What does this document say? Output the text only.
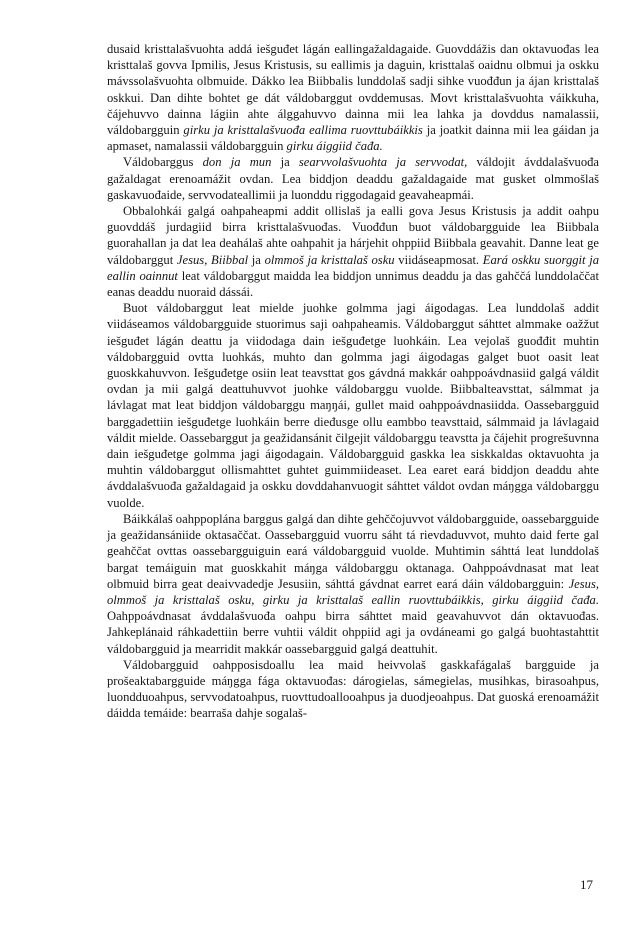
dusaid kristtalašvuohta addá iešguđet lágán eallingažaldagaide. Guovddážis dan oktavuođas lea kristtalaš govva Ipmilis, Jesus Kristusis, su eallimis ja daguin, kristtalaš oaidnu olbmui ja oskku mávssolašvuohta olbmuide. Dákko lea Biibbalis lunddolaš sadji sihke vuođđun ja ájan kristtalaš oskkui. Dan dihte bohtet ge dát váldobarggut ovddemusas. Movt kristtalašvuohta váikkuha, čájehuvvo dainna lágiin ahte álggahuvvo dainna mii lea lahka ja dovddus namalassii, váldobargguin girku ja kristtalašvuođa eallima ruovttubáikkis ja joatkit dainna mii lea gáidan ja apmaset, namalassii váldobargguin girku áiggiid čađa.

Váldobarggus don ja mun ja searvvolašvuohta ja servvodat, váldojit ávddalašvuođa gažaldagat erenoamážit ovdan. Lea biddjon deaddu gažaldagaide mat gusket olmmošlaš gaskavuođaide, servvodateallimii ja luonddu riggodagaid geavaheapmái.

Obbalohkái galgá oahpaheapmi addit ollislaš ja ealli gova Jesus Kristusis ja addit oahpu guovddáš jurdagiid birra kristtalašvuođas. Vuođđun buot váldobargguide lea Biibbala guorahallan ja dat lea deahálaš ahte oahpahit ja hárjehit ohppiid Biibbala geavahit. Danne leat ge váldobarggut Jesus, Biibbal ja olmmoš ja kristtalaš osku viidáseapmosat. Eará oskku suorggit ja eallin oainnut leat váldobarggut maidda lea biddjon unnimus deaddu ja das gahččá lunddolaččat eanas deaddu nuoraid dássái.

Buot váldobarggut leat mielde juohke golmma jagi áigodagas. Lea lunddolaš addit viidáseamos váldobargguide stuorimus saji oahpaheamis. Váldobarggut sáhttet almmake oažžut iešguđet lágán deattu ja viidodaga dain iešguđetge luohkáin. Lea vejolaš guođđit muhtin váldobargguid ovtta luohkás, muhto dan golmma jagi áigodagas galget buot oasit leat guoskkahuvvon. Iešguđetge osiin leat teavsttat gos gávdná makkár oahppoávdnasiid galgá váldit ovdan ja mii galgá deattuhuvvot juohke váldobarggu vuolde. Biibbalteavsttat, sálmmat ja lávlagat mat leat biddjon váldobarggu maŋŋái, gullet maid oahppoávdnasiidda. Oassebargguid barggadettiin iešguđetge luohkáin berre dieđusge ollu eambbo teavsttaid, sálmmaid ja lávlagaid váldit mielde. Oassebarggut ja geažidansánit čilgejit váldobarggu teavstta ja čájehit progrešuvnna dain iešguđetge golmma jagi áigodagain. Váldobargguid gaskka lea siskkaldas oktavuohta ja muhtin váldobarggut ollismahttet guhtet guimmiideaset. Lea earet eará biddjon deaddu ahte ávddalašvuođa gažaldagaid ja oskku dovddahanvuogit sáhttet váldot ovdan máŋgga váldobarggu vuolde.

Báikkálaš oahppoplána barggus galgá dan dihte gehččojuvvot váldobargguide, oassebargguide ja geažidansániide oktasaččat. Oassebargguid vuorru sáht tá rievdaduvvot, muhto daid ferte gal geahččat ovttas oassebargguiguin eará váldobargguid vuolde. Muhtimin sáhttá leat lunddolaš bargat temáiguin mat guoskkahit máŋga váldobarggu oktanaga. Oahppoávdnasat mat leat olbmuid birra geat deaivvadedje Jesusiin, sáhttá gávdnat earret eará dáin váldobargguin: Jesus, olmmoš ja kristtalaš osku, girku ja kristtalaš eallin ruovttubáikkis, girku áiggiid čađa. Oahppoávdnasat ávddalašvuođa oahpu birra sáhttet maid geavahuvvot dán oktavuođas. Jahkeplánaid ráhkadettiin berre vuhtii váldit ohppiid agi ja ovdáneami go galgá buohtastahttit váldobargguid ja mearridit makkár oassebargguid galgá deattuhit.

Váldobargguid oahpposisdoallu lea maid heivvolaš gaskkafágalaš bargguide ja prošeaktabargguide máŋgga fága oktavuođas: dárogielas, sámegielas, musihkas, birasoahpus, luondduoahpus, servvodatoahpus, ruovttudoallooahpus ja duodjeoahpus. Dat guoská erenoamážit dáidda temáide: bearraša dahje sogalaš-

17
